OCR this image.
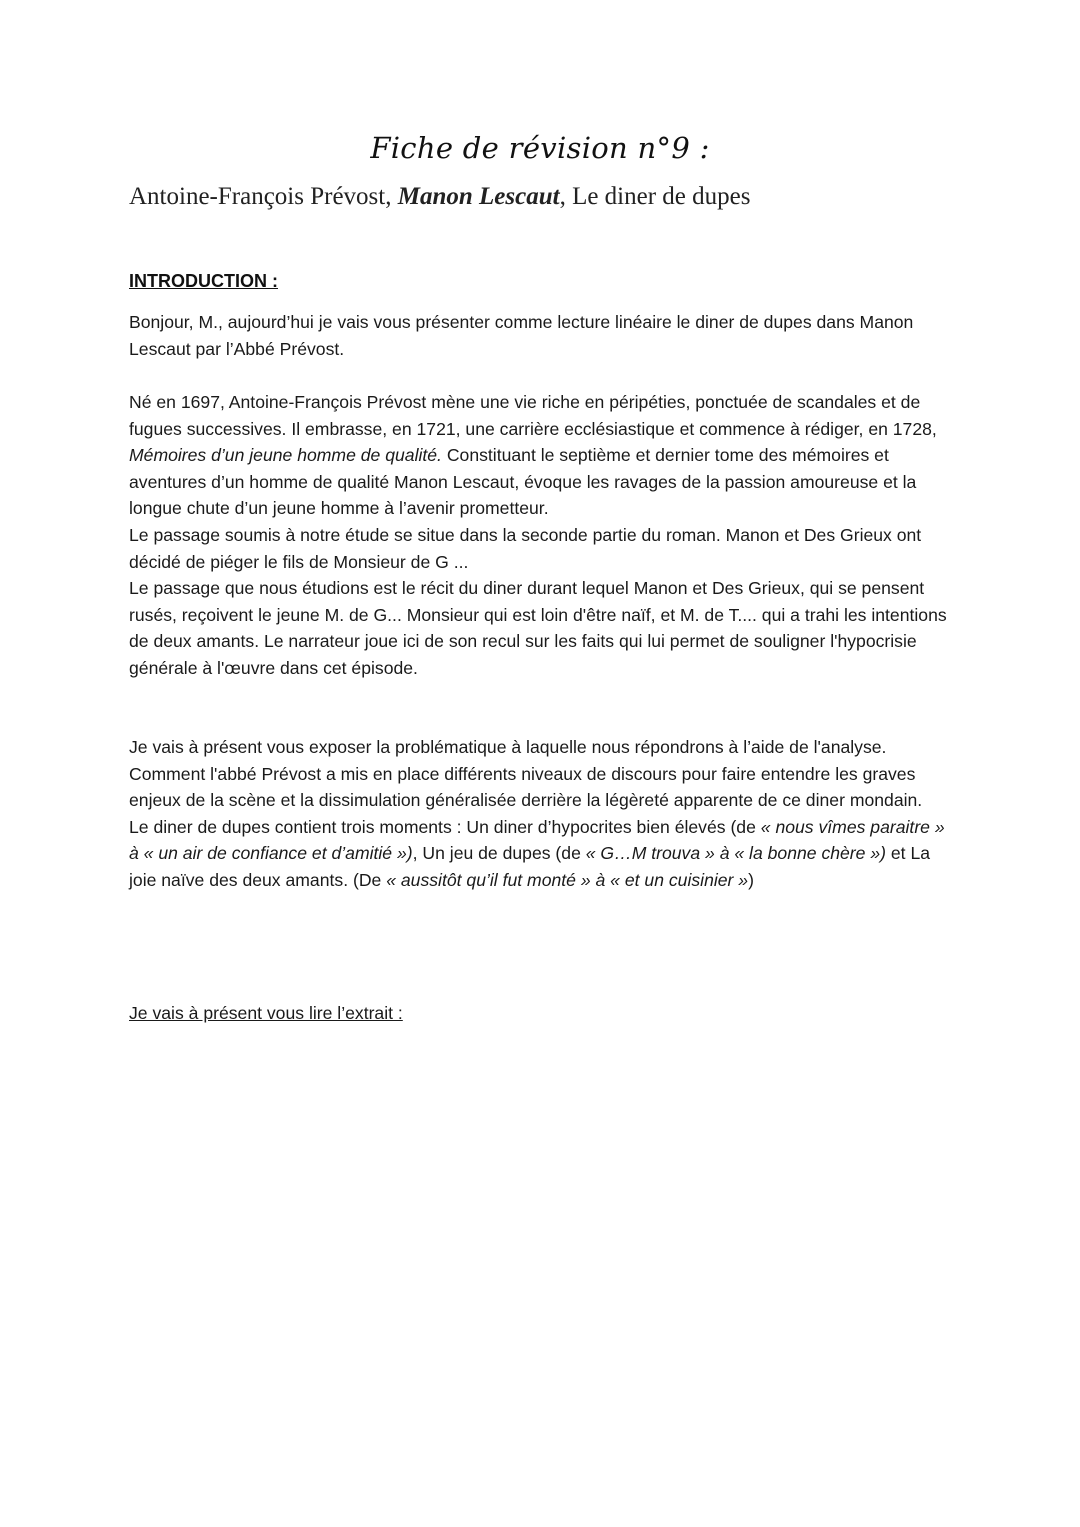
Fiche de révision n°9 :
Antoine-François Prévost, Manon Lescaut, Le diner de dupes
INTRODUCTION :

Bonjour, M., aujourd’hui je vais vous présenter comme lecture linéaire le diner de dupes dans Manon Lescaut par l’Abbé Prévost.

Né en 1697, Antoine-François Prévost mène une vie riche en péripéties, ponctuée de scandales et de fugues successives. Il embrasse, en 1721, une carrière ecclésiastique et commence à rédiger, en 1728, Mémoires d’un jeune homme de qualité. Constituant le septième et dernier tome des mémoires et aventures d’un homme de qualité Manon Lescaut, évoque les ravages de la passion amoureuse et la longue chute d’un jeune homme à l’avenir prometteur.

Le passage soumis à notre étude se situe dans la seconde partie du roman. Manon et Des Grieux ont décidé de piéger le fils de Monsieur de G ...

Le passage que nous étudions est le récit du diner durant lequel Manon et Des Grieux, qui se pensent rusés, reçoivent le jeune M. de G... Monsieur qui est loin d'être naïf, et M. de T.... qui a trahi les intentions de deux amants. Le narrateur joue ici de son recul sur les faits qui lui permet de souligner l'hypocrisie générale à l'œuvre dans cet épisode.

Je vais à présent vous exposer la problématique à laquelle nous répondrons à l’aide de l'analyse. Comment l'abbé Prévost a mis en place différents niveaux de discours pour faire entendre les graves enjeux de la scène et la dissimulation généralisée derrière la légèreté apparente de ce diner mondain.

Le diner de dupes contient trois moments : Un diner d’hypocrites bien élevés (de « nous vîmes paraitre » à « un air de confiance et d’amitié »), Un jeu de dupes (de « G…M trouva » à « la bonne chère ») et La joie naïve des deux amants. (De « aussitôt qu’il fut monté » à « et un cuisinier »)

Je vais à présent vous lire l’extrait :
